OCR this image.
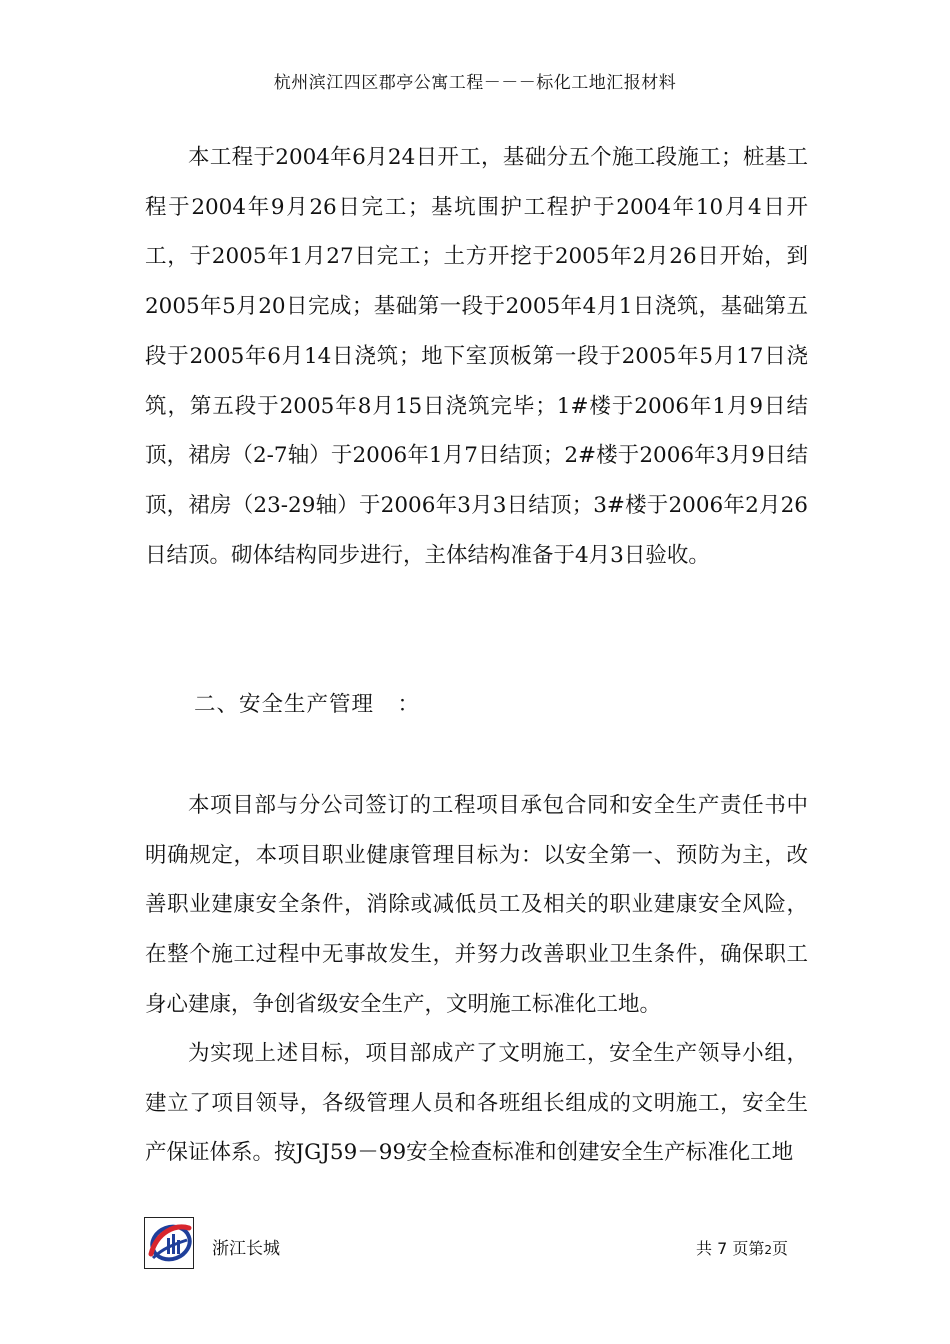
杭州滨江四区郡亭公寓工程－－－标化工地汇报材料

本工程于2004年6月24日开工，基础分五个施工段施工；桩基工程于2004年9月26日完工；基坑围护工程护于2004年10月4日开工，于2005年1月27日完工；土方开挖于2005年2月26日开始，到2005年5月20日完成；基础第一段于2005年4月1日浇筑，基础第五段于2005年6月14日浇筑；地下室顶板第一段于2005年5月17日浇筑，第五段于2005年8月15日浇筑完毕；1#楼于2006年1月9日结顶，裙房（2-7轴）于2006年1月7日结顶；2#楼于2006年3月9日结顶，裙房（23-29轴）于2006年3月3日结顶；3#楼于2006年2月26日结顶。砌体结构同步进行，主体结构准备于4月3日验收。

二、安全生产管理   ：

本项目部与分公司签订的工程项目承包合同和安全生产责任书中明确规定，本项目职业健康管理目标为：以安全第一、预防为主，改善职业建康安全条件，消除或减低员工及相关的职业建康安全风险，在整个施工过程中无事故发生，并努力改善职业卫生条件，确保职工身心建康，争创省级安全生产，文明施工标准化工地。

为实现上述目标，项目部成产了文明施工，安全生产领导小组，建立了项目领导，各级管理人员和各班组长组成的文明施工，安全生产保证体系。按JGJ59－99安全检查标准和创建安全生产标准化工地

浙江长城	共 7 页第2页
